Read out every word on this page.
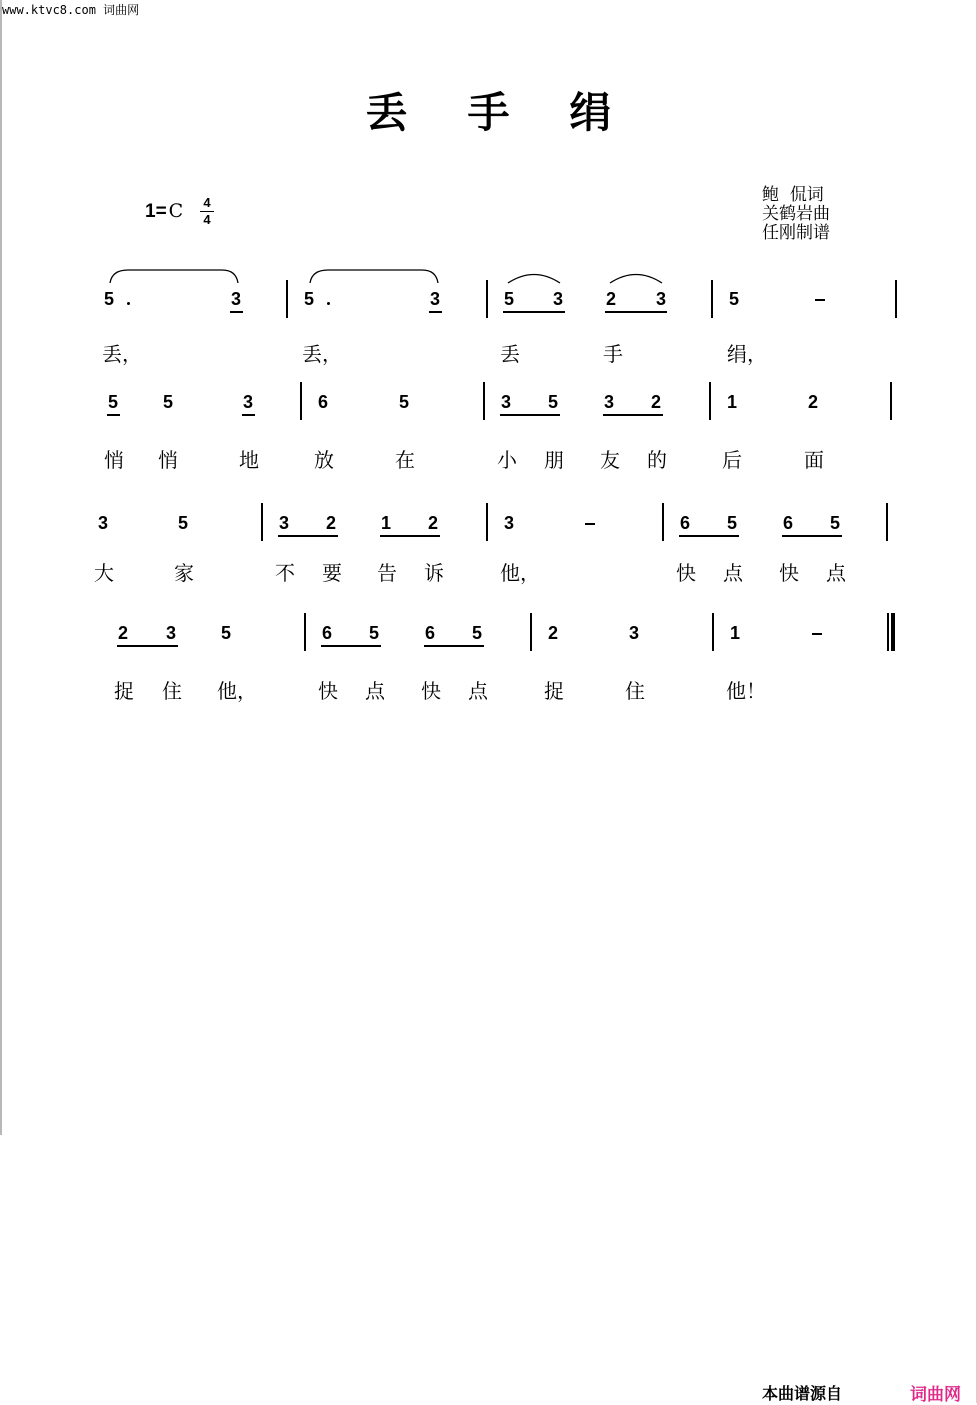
www.ktvc8.com 词曲网
丢 手 绢
1= C 4
4
鲍  侃词
关鹤岩曲
任刚制谱
5	3	5	3	5 3 2 3	5
丢，	丢，	丢	手	绢，
5 5	3	6	5	3 5	3 2	1	2
悄 悄	地	放	在	小 朋 友 的	后	面
3	5	3 2 1 2	3	6 5	6 5
大	家	不 要 告 诉	他，	快 点 快 点
2 3 5	6 5	6 5	2	3	1
捉 住 他，	快 点 快 点	捉	住	他！
本曲谱源自	词曲网
